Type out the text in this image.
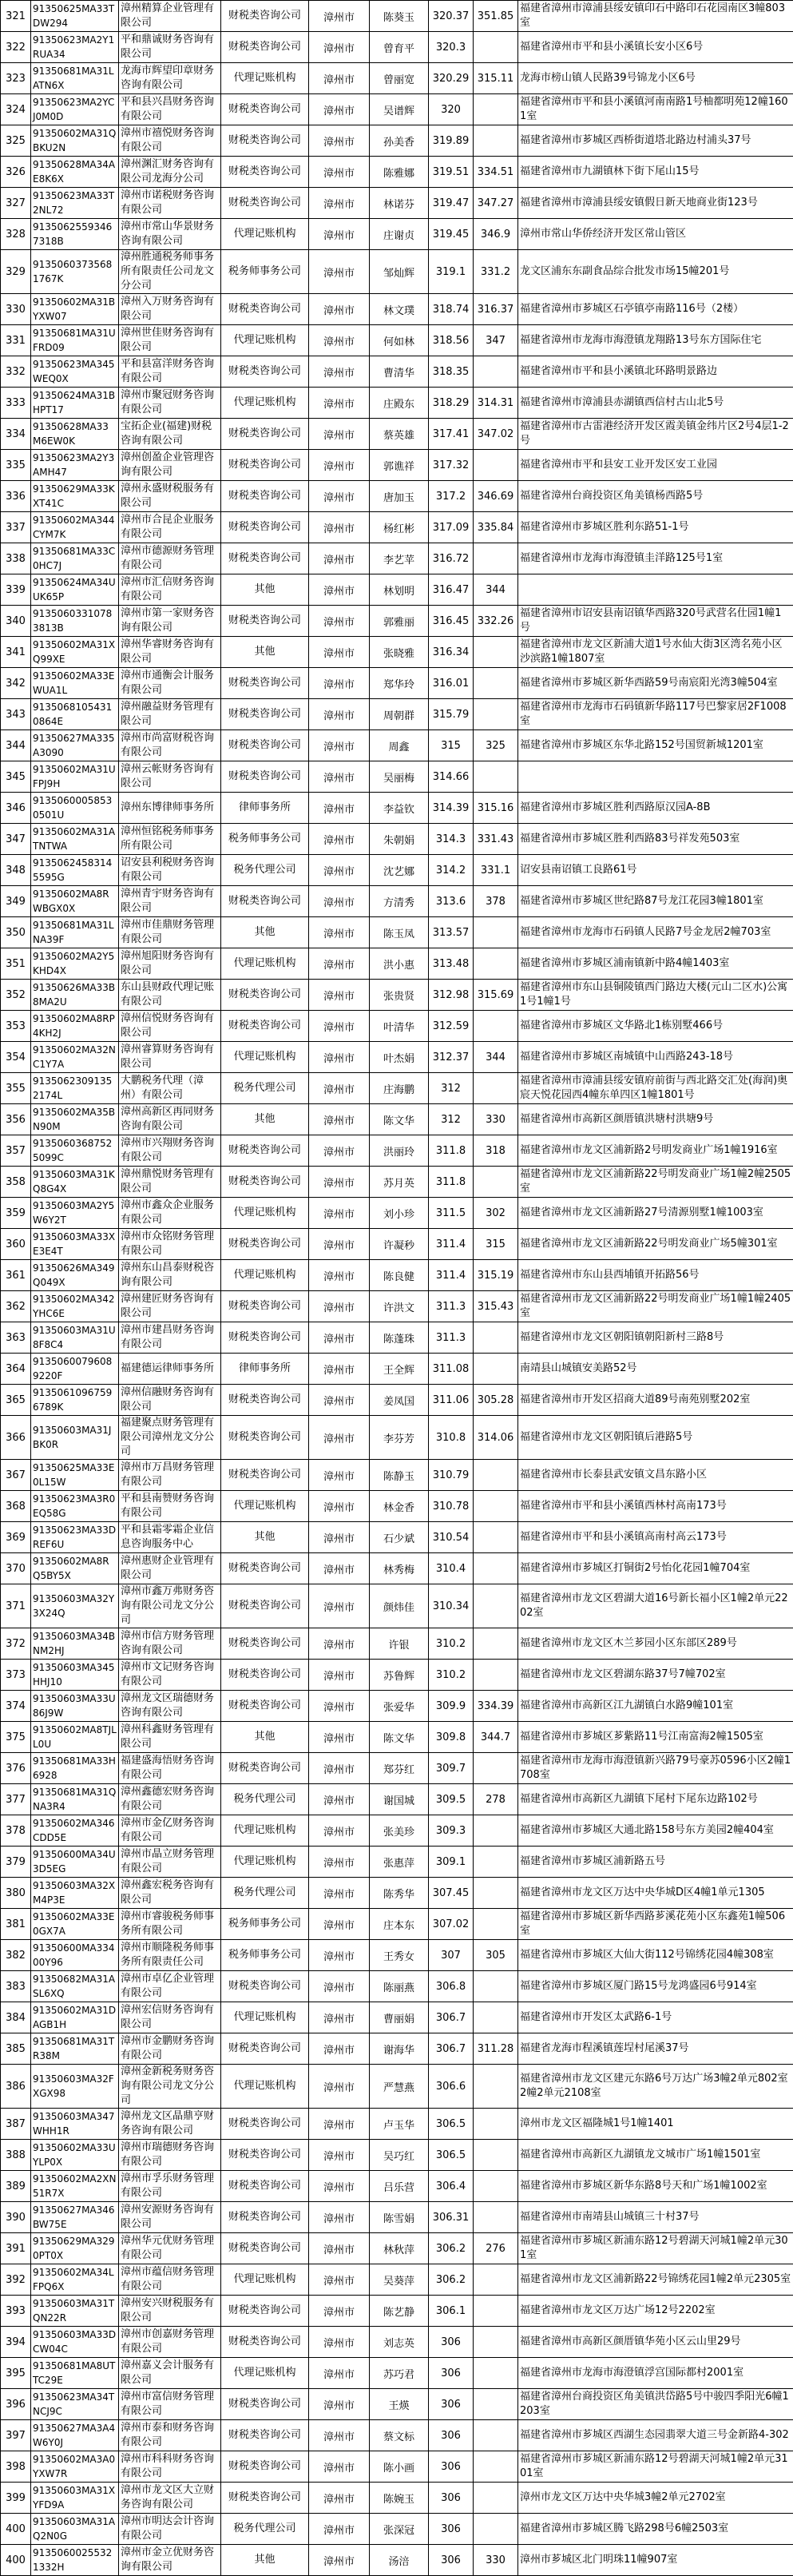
321	91350625MA33TDW294	漳州精算企业管理有限公司	财税类咨询公司	漳州市	陈葵玉	320.37	351.85	福建省漳州市漳浦县绥安镇印石中路印石花园南区3幢803室
322	91350623MA2Y1RUA34	平和鼎诚财务咨询有限公司	财税类咨询公司	漳州市	曾育平	320.3		福建省漳州市平和县小溪镇长安小区6号
323	91350681MA31LATN6X	龙海市辉望印章财务咨询有限公司	代理记账机构	漳州市	曾丽宽	320.29	315.11	龙海市榜山镇人民路39号锦龙小区6号
324	91350623MA2YCJ0M0D	平和县兴昌财务咨询有限公司	财税类咨询公司	漳州市	吴谱辉	320		福建省漳州市平和县小溪镇河南南路1号柚都明苑12幢1601室
325	91350602MA31QBKU2N	漳州市禧悦财务咨询有限公司	财税类咨询公司	漳州市	孙美香	319.89		福建省漳州市芗城区西桥街道塔北路边村浦头37号
326	91350628MA34AE8K6X	漳州渊汇财务咨询有限公司龙海分公司	财税类咨询公司	漳州市	陈雅娜	319.51	334.51	福建省漳州市九湖镇林下街下尾山15号
327	91350623MA33T2NL72	漳州市诺税财务咨询有限公司	财税类咨询公司	漳州市	林诺芬	319.47	347.27	福建省漳州市漳浦县绥安镇假日新天地商业街123号
328	91350625593467318B	漳州市常山华景财务咨询有限公司	代理记账机构	漳州市	庄谢贞	319.45	346.9	漳州市常山华侨经济开发区常山管区
329	91350603735681767K	漳州胜通税务师事务所有限责任公司龙文分公司	税务师事务公司	漳州市	邹灿辉	319.1	331.2	龙文区浦东东副食品综合批发市场15幢201号
330	91350602MA31BYXW07	漳州入万财务咨询有限公司	财税类咨询公司	漳州市	林文璞	318.74	316.37	福建省漳州市芗城区石亭镇亭南路116号（2楼）
331	91350681MA31UFRD09	漳州世佳财务咨询有限公司	代理记账机构	漳州市	何如林	318.56	347	福建省漳州市龙海市海澄镇龙翔路13号东方国际住宅
332	91350623MA345WEQ0X	平和县富洋财务咨询有限公司	财税类咨询公司	漳州市	曹清华	318.35		福建省漳州市平和县小溪镇北环路明景路边
333	91350624MA31BHPT17	漳州市聚冠财务咨询有限公司	代理记账机构	漳州市	庄殿东	318.29	314.31	福建省漳州市漳浦县赤湖镇西信村古山北5号
334	91350628MA33M6EW0K	宝拓企业(福建)财税咨询有限公司	财税类咨询公司	漳州市	蔡英雄	317.41	347.02	福建省漳州市古雷港经济开发区霞美镇金纬片区2号4层1-2号
335	91350623MA2Y3AMH47	漳州创盈企业管理咨询有限公司	财税类咨询公司	漳州市	郭谯祥	317.32		福建省漳州市平和县安工业开发区安工业园
336	91350629MA33KXT41C	漳州永盛财税服务有限公司	财税类咨询公司	漳州市	唐加玉	317.2	346.69	福建省漳州台商投资区角美镇杨西路5号
337	91350602MA344CYM7K	漳州市合昆企业服务有限公司	财税类咨询公司	漳州市	杨红彬	317.09	335.84	福建省漳州市芗城区胜利东路51-1号
338	91350681MA33C0HC7J	漳州市德源财务管理有限公司	财税类咨询公司	漳州市	李艺苹	316.72		福建省漳州市龙海市海澄镇圭洋路125号1室
339	91350624MA34UUK65P	漳州市汇信财务咨询有限公司	其他	漳州市	林划明	316.47	344	
340	91350603310783813B	漳州市第一家财务咨询有限公司	财税类咨询公司	漳州市	郭雅丽	316.45	332.26	福建省漳州市诏安县南诏镇华西路320号武营名仕园1幢1号
341	91350602MA31XQ99XE	漳州华睿财务咨询有限公司	其他	漳州市	张晓雅	316.34		福建省漳州市龙文区新浦大道1号水仙大街3区湾名苑小区沙滨路1幢1807室
342	91350602MA33EWUA1L	漳州市通衡会计服务有限公司	财税类咨询公司	漳州市	郑华玲	316.01		福建省漳州市芗城区新华西路59号南宸阳光湾3幢504室
343	91350681054310864E	漳州融益财务管理有限公司	财税类咨询公司	漳州市	周朝群	315.79		福建省漳州市龙海市石码镇新华路117号巴黎家居2F1008室
344	91350627MA335A3090	漳州市尚富财税咨询有限公司	财税类咨询公司	漳州市	周鑫	315	325	福建省漳州市芗城区东华北路152号国贸新城1201室
345	91350602MA31UFPJ9H	漳州云帐财务咨询有限公司	财税类咨询公司	漳州市	吴丽梅	314.66		
346	91350600058530501U	漳州东博律师事务所	律师事务所	漳州市	李益钦	314.39	315.16	福建省漳州市芗城区胜利西路原汉园A-8B
347	91350602MA31ATNTWA	漳州恒铭税务师事务所有限公司	税务师事务公司	漳州市	朱朝娟	314.3	331.43	福建省漳州市芗城区胜利西路83号祥发苑503室
348	91350624583145595G	诏安县利税财务咨询有限公司	税务代理公司	漳州市	沈艺娜	314.2	331.1	诏安县南诏镇工良路61号
349	91350602MA8RWBGX0X	漳州青宇财务咨询有限公司	财税类咨询公司	漳州市	方清秀	313.6	378	福建省漳州市芗城区世纪路87号龙江花园3幢1801室
350	91350681MA31LNA39F	漳州市佳鼎财务管理有限公司	其他	漳州市	陈玉凤	313.57		福建省漳州市龙海市石码镇人民路7号金龙居2幢703室
351	91350602MA2Y5KHD4X	漳州旭阳财务咨询有限公司	代理记账机构	漳州市	洪小惠	313.48		福建省漳州市芗城区浦南镇新中路4幢1403室
352	91350626MA33B8MA2U	东山县财政代理记账有限公司	财税类咨询公司	漳州市	张贵贤	312.98	315.69	福建省漳州市东山县铜陵镇西门路边大楼(元山二区水)公寓1号1幢1号
353	91350602MA8RP4KH2J	漳州信悦财务咨询有限公司	财税类咨询公司	漳州市	叶清华	312.59		福建省漳州市芗城区文华路北1栋别墅466号
354	91350602MA32NC1Y7A	漳州睿算财务咨询有限公司	代理记账机构	漳州市	叶杰娟	312.37	344	福建省漳州市芗城区南城镇中山西路243-18号
355	91350623091352174L	大鹏税务代理（漳州）有限公司	税务代理公司	漳州市	庄海鹏	312		福建省漳州市漳浦县绥安镇府前街与西北路交汇处(海润)奥宸天悦花园西4幢东单四区1幢1801号
356	91350602MA35BN90M	漳州高新区再同财务咨询有限公司	其他	漳州市	陈文华	312	330	福建省漳州市高新区颜厝镇洪塘村洪塘9号
357	91350603687525099C	漳州市兴翔财务咨询有限公司	财税类咨询公司	漳州市	洪丽玲	311.8	318	福建省漳州市龙文区浦新路2号明发商业广场1幢1916室
358	91350603MA31KQ8G4X	漳州鼎悦财务管理有限公司	财税类咨询公司	漳州市	苏月英	311.8		福建省漳州市龙文区浦新路22号明发商业广场1幢2幢2505室
359	91350603MA2Y5W6Y2T	漳州市鑫众企业服务有限公司	代理记账机构	漳州市	刘小珍	311.5	302	福建省漳州市龙文区浦新路27号清源别墅1幢1003室
360	91350603MA33XE3E4T	漳州市众铭财务管理有限公司	财税类咨询公司	漳州市	许凝秒	311.4	315	福建省漳州市龙文区浦新路22号明发商业广场5幢301室
361	91350626MA349Q049X	漳州东山昌泰财税咨询有限公司	代理记账机构	漳州市	陈良健	311.4	315.19	福建省漳州市东山县西埔镇开拓路56号
362	91350602MA342YHC6E	漳州建匠财务咨询有限公司	财税类咨询公司	漳州市	许洪文	311.3	315.43	福建省漳州市龙文区浦新路22号明发商业广场1幢1幢2405室
363	91350603MA31U8F8C4	漳州市建昌财务咨询有限公司	财税类咨询公司	漳州市	陈蓬珠	311.3		福建省漳州市龙文区朝阳镇朝阳新村三路8号
364	91350600796089220F	福建德运律师事务所	律师事务所	漳州市	王全辉	311.08		南靖县山城镇安美路52号
365	91350610967596789K	漳州信融财务咨询有限公司	财税类咨询公司	漳州市	姜凤国	311.06	305.28	福建省漳州市开发区招商大道89号南苑别墅202室
366	91350603MA31JBK0R	福建聚点财务管理有限公司漳州龙文分公司	财税类咨询公司	漳州市	李芬芳	310.8	314.06	福建省漳州市龙文区朝阳镇后港路5号
367	91350625MA33E0L15W	漳州市万昌财务管理有限公司	财税类咨询公司	漳州市	陈静玉	310.79		福建省漳州市长泰县武安镇文昌东路小区
368	91350623MA3R0EQ58G	平和县南赞财务咨询有限公司	代理记账机构	漳州市	林金香	310.78		福建省漳州市平和县小溪镇西林村高南173号
369	91350623MA33DREF6U	平和县霜零霜企业信息咨询服务中心	其他	漳州市	石少斌	310.54		福建省漳州市平和县小溪镇高南村高云173号
370	91350602MA8RQ5BY5X	漳州惠财企业管理有限公司	财税类咨询公司	漳州市	林秀梅	310.4		福建省漳州市芗城区打铜街2号怡化花园1幢704室
371	91350603MA32Y3X24Q	漳州市鑫万弗财务咨询有限公司龙文分公司	财税类咨询公司	漳州市	颜炜佳	310.34		福建省漳州市龙文区碧湖大道16号新长福小区1幢2单元2202室
372	91350603MA34BNM2HJ	漳州市信方财务管理咨询有限公司	财税类咨询公司	漳州市	许银	310.2		福建省漳州市龙文区木兰芗园小区东部区289号
373	91350603MA345HHJ10	漳州市文记财务咨询有限公司	财税类咨询公司	漳州市	苏鲁辉	310.2		福建省漳州市龙文区碧湖东路37号7幢702室
374	91350603MA33U86J9W	漳州龙文区瑞德财务咨询有限公司	财税类咨询公司	漳州市	张爱华	309.9	334.39	福建省漳州市高新区江九湖镇白水路9幢101室
375	91350602MA8TJLL0U	漳州科鑫财务管理有限公司	其他	漳州市	陈文华	309.8	344.7	福建省漳州市芗城区芗紫路11号江南富海2幢1505室
376	91350681MA33H6928	福建盛海悟财务咨询有限公司	财税类咨询公司	漳州市	郑芬红	309.7		福建省漳州市龙海市海澄镇新兴路79号豪苏0596小区2幢1708室
377	91350681MA31QNA3R4	漳州鑫德宏财务咨询有限公司	税务代理公司	漳州市	谢国城	309.5	278	福建省漳州市高新区九湖镇下尾村下尾东边路102号
378	91350602MA346CDD5E	漳州市金亿财务咨询有限公司	代理记账机构	漳州市	张美珍	309.3		福建省漳州市芗城区大通北路158号东方美园2幢404室
379	91350600MA34U3D5EG	漳州市晶立财务管理有限公司	代理记账机构	漳州市	张惠萍	309.1		福建省漳州市芗城区浦新路五号
380	91350603MA32XM4P3E	漳州鑫宏税务咨询有限公司	税务代理公司	漳州市	陈秀华	307.45		福建省漳州市龙文区万达中央华城D区4幢1单元1305
381	91350602MA33E0GX7A	漳州市睿骏税务师事务所有限公司	税务师事务公司	漳州市	庄本东	307.02		福建省漳州市芗城区新华西路芗溪花苑小区东鑫苑1幢506室
382	91350600MA33400Y96	漳州市顺隆税务师事务所有限责任公司	税务师事务公司	漳州市	王秀女	307	305	福建省漳州市芗城区大仙大街112号锦绣花园4幢308室
383	91350682MA31ASL6XQ	漳州市卓亿企业管理有限公司	财税类咨询公司	漳州市	陈丽燕	306.8		福建省漳州市芗城区厦门路15号龙鸿盛园6号914室
384	91350602MA31DAGB1H	漳州宏信财务咨询有限公司	代理记账机构	漳州市	曹丽娟	306.7		福建省漳州市开发区太武路6-1号
385	91350681MA31TR38M	漳州市金鹏财务咨询有限公司	财税类咨询公司	漳州市	谢海华	306.7	311.28	福建省龙海市程溪镇莲埕村尾溪37号
386	91350603MA32FXGX98	漳州金新税务财务咨询有限公司龙文分公司	代理记账机构	漳州市	严慧燕	306.6		福建省漳州市龙文区建元东路6号万达广场3幢2单元802室2幢2单元2108室
387	91350603MA347WHH1R	漳州龙文区晶鼎亨财务咨询有限公司	财税类咨询公司	漳州市	卢玉华	306.5		漳州市龙文区福隆城1号1幢1401
388	91350602MA33UYLP0X	漳州市瑞德财务咨询有限公司	财税类咨询公司	漳州市	吴巧红	306.5		福建省漳州市高新区九湖镇龙文城市广场1幢1501室
389	91350602MA2XN51R7X	漳州市孚乐财务管理有限公司	财税类咨询公司	漳州市	吕乐营	306.4		福建省漳州市芗城区新华东路8号天和广场1幢1002室
390	91350627MA346BW75E	漳州安源财务咨询有限公司	财税类咨询公司	漳州市	陈雪娟	306.31		福建省漳州市南靖县山城镇三十村37号
391	91350629MA3290PT0X	漳州华元优财务管理有限公司	财税类咨询公司	漳州市	林秋萍	306.2	276	福建省漳州市芗城区新浦东路12号碧湖天河城1幢2单元301室
392	91350602MA34LFPQ6X	漳州市蕴信财务管理有限公司	代理记账机构	漳州市	吴葵萍	306.2		福建省漳州市龙文区浦新路22号锦绣花园1幢2单元2305室
393	91350603MA31TQN22R	漳州安兴财税服务有限公司	财税类咨询公司	漳州市	陈艺静	306.1		福建省漳州市龙文区万达广场12号2202室
394	91350603MA33DCW04C	漳州市创嘉财务管理有限公司	财税类咨询公司	漳州市	刘志英	306		福建省漳州市高新区颜厝镇华苑小区云山里29号
395	91350681MA8UTTC29E	漳州嘉义会计服务有限公司	代理记账机构	漳州市	苏巧君	306		福建省漳州市龙海市海澄镇浮宫国际都村2001室
396	91350623MA34TNCJ9C	漳州市富信财务管理有限公司	财税类咨询公司	漳州市	王煐	306		福建省漳州台商投资区角美镇洪岱路5号中骏四季阳光6幢1203室
397	91350627MA3A4W6Y0J	漳州市泰和财务咨询有限公司	财税类咨询公司	漳州市	蔡文标	306		福建省漳州市芗城区西湖生态园翡翠大道三号金新路4-302
398	91350602MA3A0YXW7R	漳州市科科财务咨询有限公司	财税类咨询公司	漳州市	陈小画	306		福建省漳州市芗城区新浦东路12号碧湖天河城1幢2单元3101室
399	91350603MA31XYFD9A	漳州市龙文区大立财务咨询有限公司	财税类咨询公司	漳州市	陈婉玉	306		漳州市龙文区万达中央华城3幢2单元2702室
400	91350603MA31AQ2N0G	漳州市明达会计咨询有限公司	税务代理公司	漳州市	张深冠	306		福建省漳州市芗城区腾飞路298号6幢2503室
400	91350600255321332H	漳州市金立优财务咨询有限公司	其他	漳州市	汤涪	306	330	漳州市芗城区北门明珠11幢907室
